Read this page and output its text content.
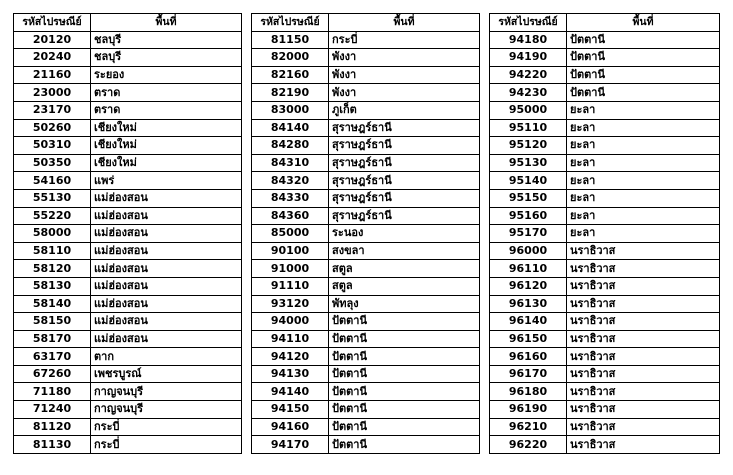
รหัสไปรษณีย์	พื้นที่
20120	ชลบุรี
20240	ชลบุรี
21160	ระยอง
23000	ตราด
23170	ตราด
50260	เชียงใหม่
50310	เชียงใหม่
50350	เชียงใหม่
54160	แพร่
55130	แม่ฮ่องสอน
55220	แม่ฮ่องสอน
58000	แม่ฮ่องสอน
58110	แม่ฮ่องสอน
58120	แม่ฮ่องสอน
58130	แม่ฮ่องสอน
58140	แม่ฮ่องสอน
58150	แม่ฮ่องสอน
58170	แม่ฮ่องสอน
63170	ตาก
67260	เพชรบูรณ์
71180	กาญจนบุรี
71240	กาญจนบุรี
81120	กระบี่
81130	กระบี่
รหัสไปรษณีย์	พื้นที่
81150	กระบี่
82000	พังงา
82160	พังงา
82190	พังงา
83000	ภูเก็ต
84140	สุราษฎร์ธานี
84280	สุราษฎร์ธานี
84310	สุราษฎร์ธานี
84320	สุราษฎร์ธานี
84330	สุราษฎร์ธานี
84360	สุราษฎร์ธานี
85000	ระนอง
90100	สงขลา
91000	สตูล
91110	สตูล
93120	พัทลุง
94000	ปัตตานี
94110	ปัตตานี
94120	ปัตตานี
94130	ปัตตานี
94140	ปัตตานี
94150	ปัตตานี
94160	ปัตตานี
94170	ปัตตานี
รหัสไปรษณีย์	พื้นที่
94180	ปัตตานี
94190	ปัตตานี
94220	ปัตตานี
94230	ปัตตานี
95000	ยะลา
95110	ยะลา
95120	ยะลา
95130	ยะลา
95140	ยะลา
95150	ยะลา
95160	ยะลา
95170	ยะลา
96000	นราธิวาส
96110	นราธิวาส
96120	นราธิวาส
96130	นราธิวาส
96140	นราธิวาส
96150	นราธิวาส
96160	นราธิวาส
96170	นราธิวาส
96180	นราธิวาส
96190	นราธิวาส
96210	นราธิวาส
96220	นราธิวาส
